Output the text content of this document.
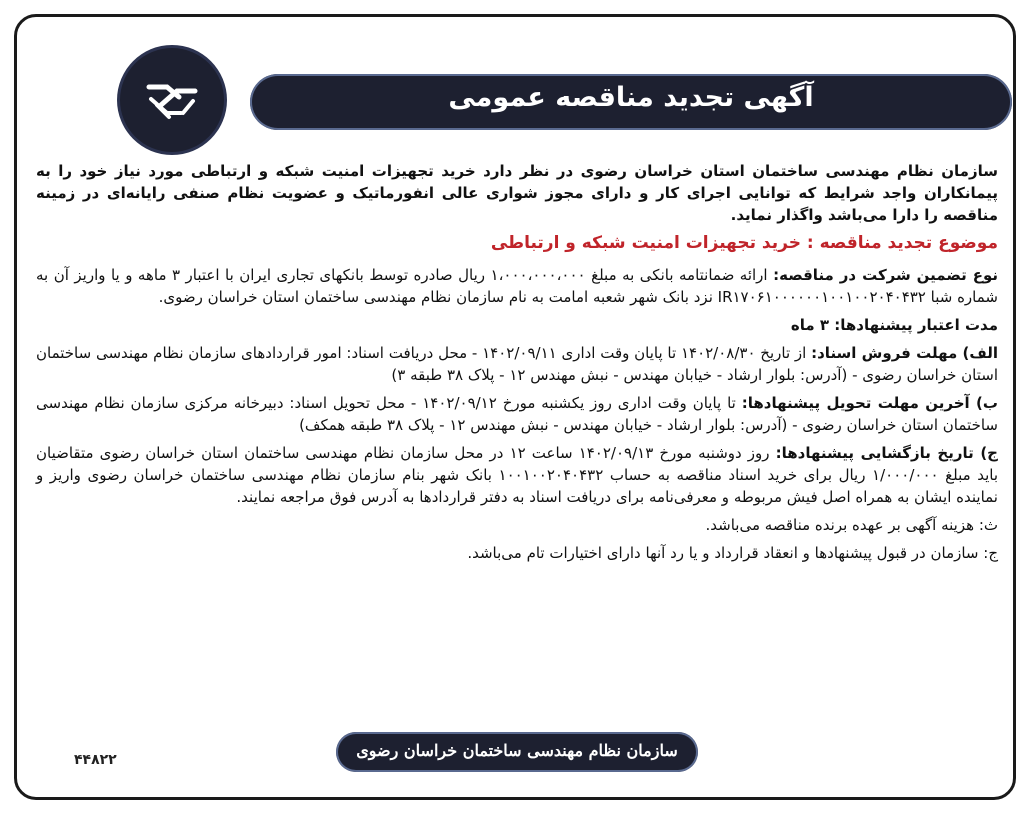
آگهی تجدید مناقصه عمومی

سازمان نظام مهندسی ساختمان استان خراسان رضوی در نظر دارد خرید تجهیزات امنیت شبکه و ارتباطی مورد نیاز خود را به پیمانکاران واجد شرایط که توانایی اجرای کار و دارای مجوز شواری عالی انفورماتیک و عضویت نظام صنفی رایانه‌ای در زمینه مناقصه را دارا می‌باشد واگذار نماید.

موضوع تجدید مناقصه : خرید تجهیزات امنیت شبکه و ارتباطی

نوع تضمین شرکت در مناقصه: ارائه ضمانتامه بانکی به مبلغ ۱،۰۰۰،۰۰۰،۰۰۰ ریال صادره توسط بانکهای تجاری ایران با اعتبار ۳ ماهه و یا واریز آن به شماره شبا IR۱۷۰۶۱۰۰۰۰۰۰۱۰۰۱۰۰۲۰۴۰۴۳۲ نزد بانک شهر شعبه امامت به نام سازمان نظام مهندسی ساختمان استان خراسان رضوی.

مدت اعتبار پیشنهادها: ۳ ماه

الف) مهلت فروش اسناد: از تاریخ ۱۴۰۲/۰۸/۳۰ تا پایان وقت اداری ۱۴۰۲/۰۹/۱۱ - محل دریافت اسناد: امور قراردادهای سازمان نظام مهندسی ساختمان استان خراسان رضوی - (آدرس: بلوار ارشاد - خیابان مهندس - نبش مهندس ۱۲ - پلاک ۳۸ طبقه ۳)

ب) آخرین مهلت تحویل پیشنهادها: تا پایان وقت اداری روز یکشنبه مورخ ۱۴۰۲/۰۹/۱۲ - محل تحویل اسناد: دبیرخانه مرکزی سازمان نظام مهندسی ساختمان استان خراسان رضوی - (آدرس: بلوار ارشاد - خیابان مهندس - نبش مهندس ۱۲ - پلاک ۳۸ طبقه همکف)

ج) تاریخ بازگشایی پیشنهادها: روز دوشنبه مورخ ۱۴۰۲/۰۹/۱۳ ساعت ۱۲ در محل سازمان نظام مهندسی ساختمان استان خراسان رضوی متقاضیان باید مبلغ ۱/۰۰۰/۰۰۰ ریال برای خرید اسناد مناقصه به حساب ۱۰۰۱۰۰۲۰۴۰۴۳۲ بانک شهر بنام سازمان نظام مهندسی ساختمان خراسان رضوی واریز و نماینده ایشان به همراه اصل فیش مربوطه و معرفی‌نامه برای دریافت اسناد به دفتر قراردادها به آدرس فوق مراجعه نمایند.

ث: هزینه آگهی بر عهده برنده مناقصه می‌باشد.

ج: سازمان در قبول پیشنهادها و انعقاد قرارداد و یا رد آنها دارای اختیارات تام می‌باشد.

سازمان نظام مهندسی ساختمان خراسان رضوی
۴۴۸۲۲
